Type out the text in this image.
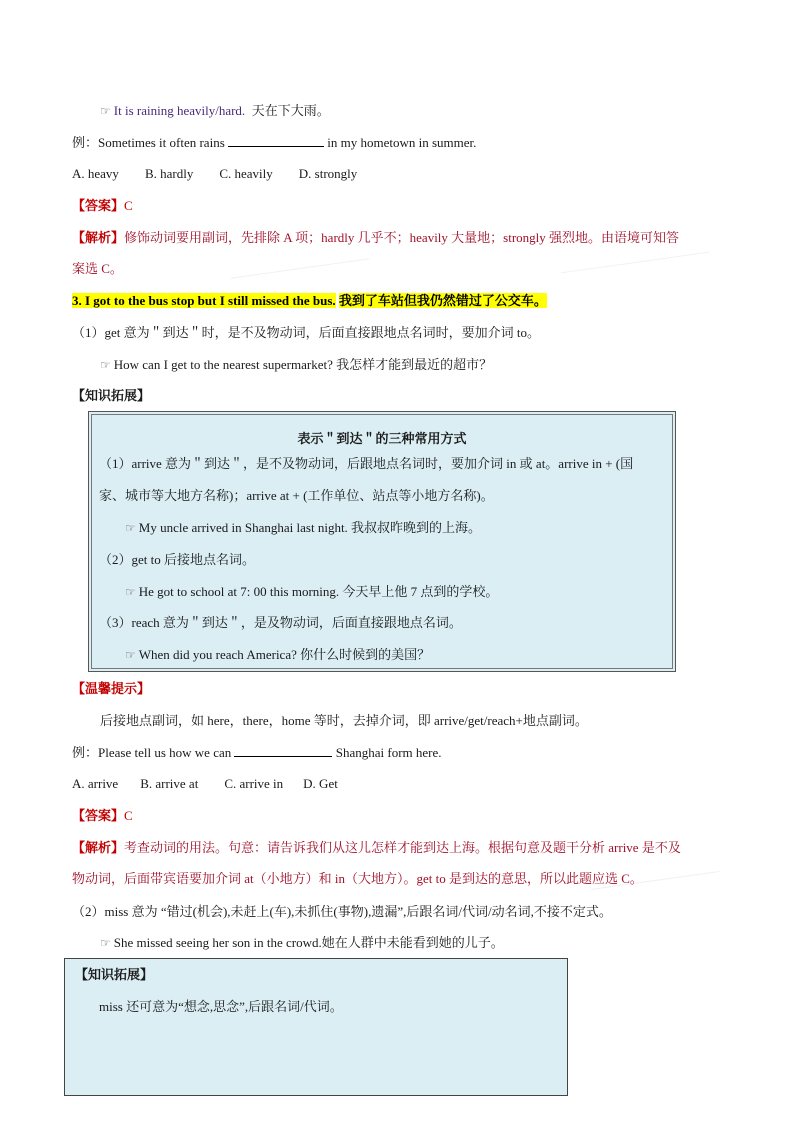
☞ It is raining heavily/hard. 天在下大雨。
例：Sometimes it often rains	in my hometown in summer.
A. heavy B. hardly C. heavily D. strongly
【答案】C
【解析】修饰动词要用副词，先排除 A 项；hardly 几乎不；heavily 大量地；strongly 强烈地。由语境可知答
案选 C。
3. I got to the bus stop but I still missed the bus. 我到了车站但我仍然错过了公交车。
（1）get 意为＂到达＂时，是不及物动词，后面直接跟地点名词时，要加介词 to。
☞ How can I get to the nearest supermarket? 我怎样才能到最近的超市？
【知识拓展】
表示＂到达＂的三种常用方式
（1）arrive 意为＂到达＂，是不及物动词，后跟地点名词时，要加介词 in 或 at。arrive in + (国
家、城市等大地方名称)；arrive at + (工作单位、站点等小地方名称)。
☞ My uncle arrived in Shanghai last night. 我叔叔昨晚到的上海。
（2）get to 后接地点名词。
☞ He got to school at 7: 00 this morning. 今天早上他 7 点到的学校。
（3）reach 意为＂到达＂，是及物动词，后面直接跟地点名词。
☞ When did you reach America? 你什么时候到的美国？
【温馨提示】
后接地点副词，如 here，there，home 等时，去掉介词，即 arrive/get/reach+地点副词。
例：Please tell us how we can	Shanghai form here.
A. arrive B. arrive at C. arrive in D. Get
【答案】C
【解析】考查动词的用法。句意：请告诉我们从这儿怎样才能到达上海。根据句意及题干分析 arrive 是不及
物动词，后面带宾语要加介词 at（小地方）和 in（大地方）。get to 是到达的意思，所以此题应选 C。
（2）miss 意为 “错过(机会),未赶上(车),未抓住(事物),遗漏”,后跟名词/代词/动名词,不接不定式。
☞ She missed seeing her son in the crowd.她在人群中未能看到她的儿子。
【知识拓展】
miss 还可意为“想念,思念”,后跟名词/代词。
